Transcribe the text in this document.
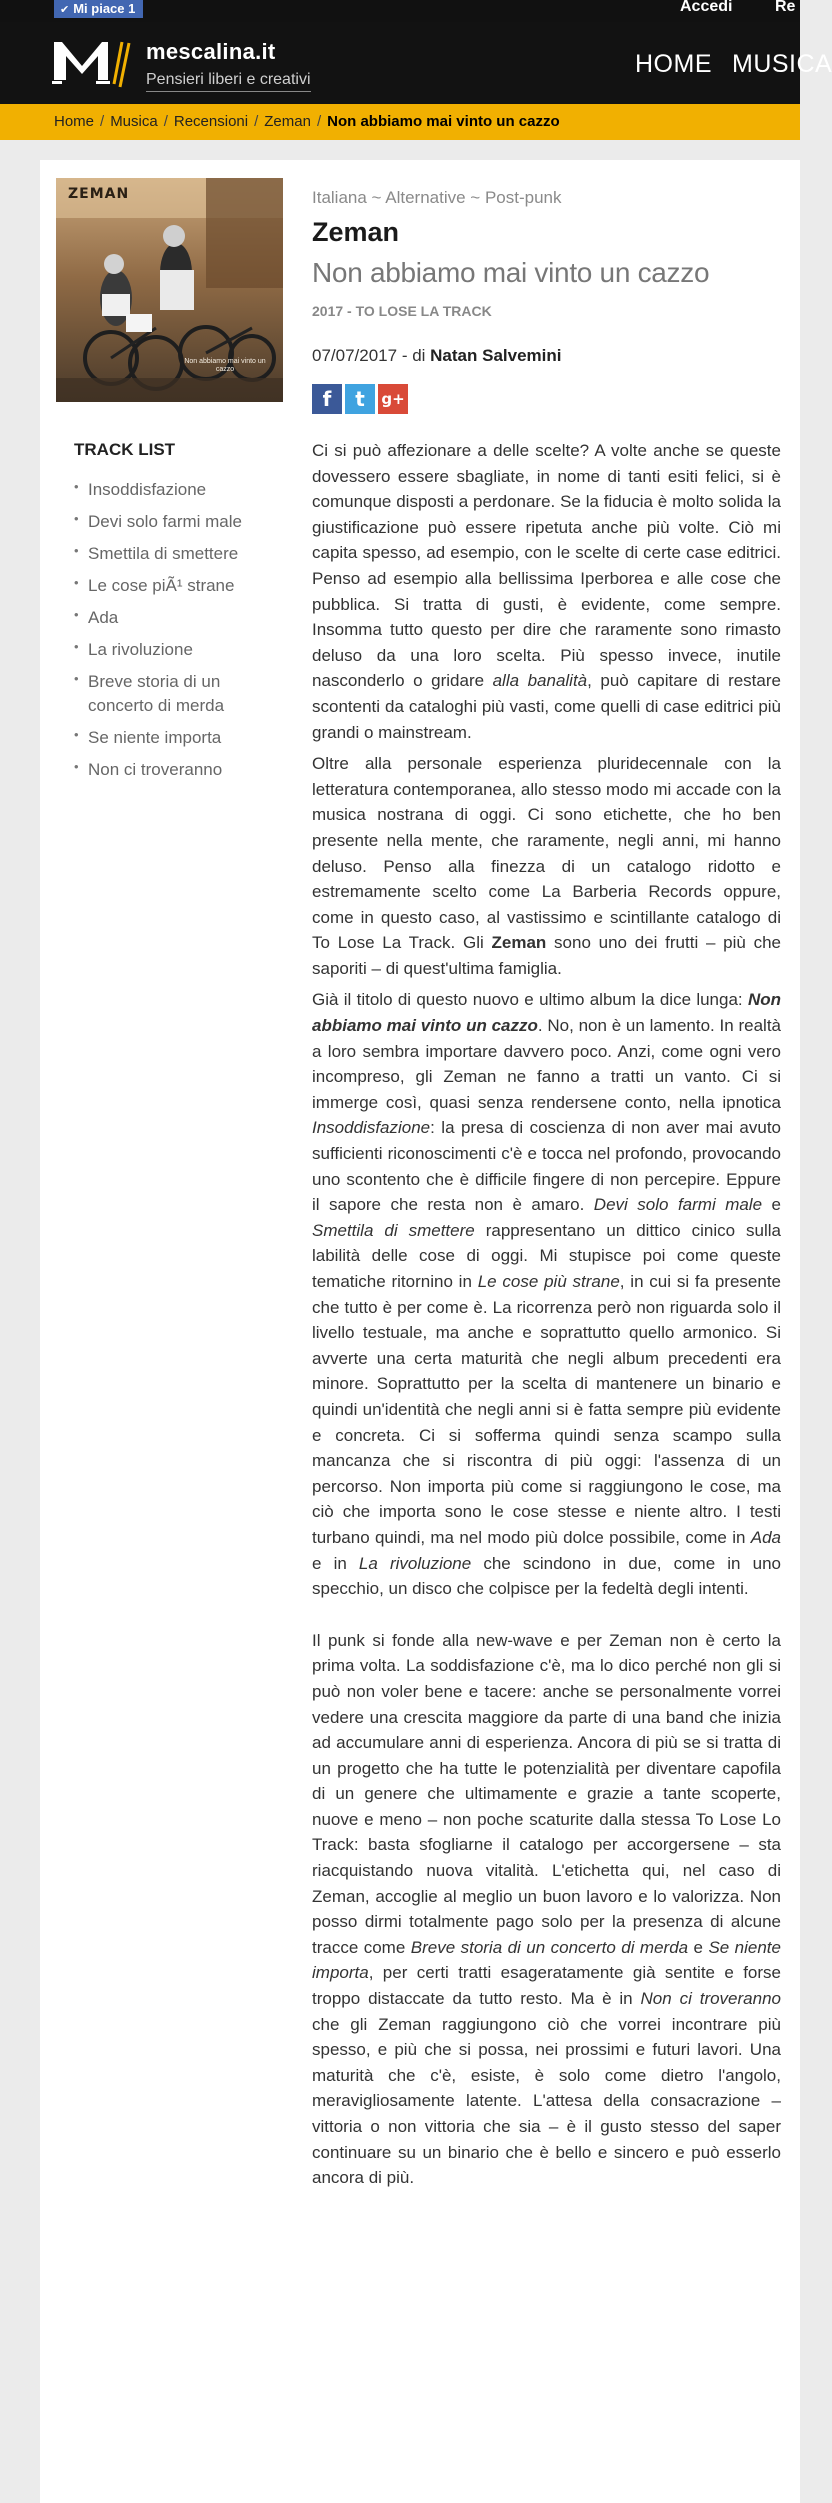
✔ Mi piace 1	Accedi	Re
mescalina.it
Pensieri liberi e creativi
HOME MUSICA
Home / Musica / Recensioni / Zeman / Non abbiamo mai vinto un cazzo
ZEMAN
Non abbiamo mai vinto un cazzo
Italiana ~ Alternative ~ Post-punk
Zeman
Non abbiamo mai vinto un cazzo
2017 - TO LOSE LA TRACK
07/07/2017 - di Natan Salvemini
f t g+
TRACK LIST
• Insoddisfazione
• Devi solo farmi male
• Smettila di smettere
• Le cose piÃ¹ strane
• Ada
• La rivoluzione
• Breve storia di un concerto di merda
• Se niente importa
• Non ci troveranno

Ci si può affezionare a delle scelte? A volte anche se queste dovessero essere sbagliate, in nome di tanti esiti felici, si è comunque disposti a perdonare. Se la fiducia è molto solida la giustificazione può essere ripetuta anche più volte. Ciò mi capita spesso, ad esempio, con le scelte di certe case editrici. Penso ad esempio alla bellissima Iperborea e alle cose che pubblica. Si tratta di gusti, è evidente, come sempre. Insomma tutto questo per dire che raramente sono rimasto deluso da una loro scelta. Più spesso invece, inutile nasconderlo o gridare alla banalità, può capitare di restare scontenti da cataloghi più vasti, come quelli di case editrici più grandi o mainstream.

Oltre alla personale esperienza pluridecennale con la letteratura contemporanea, allo stesso modo mi accade con la musica nostrana di oggi. Ci sono etichette, che ho ben presente nella mente, che raramente, negli anni, mi hanno deluso. Penso alla finezza di un catalogo ridotto e estremamente scelto come La Barberia Records oppure, come in questo caso, al vastissimo e scintillante catalogo di To Lose La Track. Gli Zeman sono uno dei frutti – più che saporiti – di quest'ultima famiglia.

Già il titolo di questo nuovo e ultimo album la dice lunga: Non abbiamo mai vinto un cazzo. No, non è un lamento. In realtà a loro sembra importare davvero poco. Anzi, come ogni vero incompreso, gli Zeman ne fanno a tratti un vanto. Ci si immerge così, quasi senza rendersene conto, nella ipnotica Insoddisfazione: la presa di coscienza di non aver mai avuto sufficienti riconoscimenti c'è e tocca nel profondo, provocando uno scontento che è difficile fingere di non percepire. Eppure il sapore che resta non è amaro. Devi solo farmi male e Smettila di smettere rappresentano un dittico cinico sulla labilità delle cose di oggi. Mi stupisce poi come queste tematiche ritornino in Le cose più strane, in cui si fa presente che tutto è per come è. La ricorrenza però non riguarda solo il livello testuale, ma anche e soprattutto quello armonico. Si avverte una certa maturità che negli album precedenti era minore. Soprattutto per la scelta di mantenere un binario e quindi un'identità che negli anni si è fatta sempre più evidente e concreta. Ci si sofferma quindi senza scampo sulla mancanza che si riscontra di più oggi: l'assenza di un percorso. Non importa più come si raggiungono le cose, ma ciò che importa sono le cose stesse e niente altro. I testi turbano quindi, ma nel modo più dolce possibile, come in Ada e in La rivoluzione che scindono in due, come in uno specchio, un disco che colpisce per la fedeltà degli intenti.

Il punk si fonde alla new-wave e per Zeman non è certo la prima volta. La soddisfazione c'è, ma lo dico perché non gli si può non voler bene e tacere: anche se personalmente vorrei vedere una crescita maggiore da parte di una band che inizia ad accumulare anni di esperienza. Ancora di più se si tratta di un progetto che ha tutte le potenzialità per diventare capofila di un genere che ultimamente e grazie a tante scoperte, nuove e meno – non poche scaturite dalla stessa To Lose Lo Track: basta sfogliarne il catalogo per accorgersene – sta riacquistando nuova vitalità. L'etichetta qui, nel caso di Zeman, accoglie al meglio un buon lavoro e lo valorizza. Non posso dirmi totalmente pago solo per la presenza di alcune tracce come Breve storia di un concerto di merda e Se niente importa, per certi tratti esageratamente già sentite e forse troppo distaccate da tutto resto. Ma è in Non ci troveranno che gli Zeman raggiungono ciò che vorrei incontrare più spesso, e più che si possa, nei prossimi e futuri lavori. Una maturità che c'è, esiste, è solo come dietro l'angolo, meravigliosamente latente. L'attesa della consacrazione – vittoria o non vittoria che sia – è il gusto stesso del saper continuare su un binario che è bello e sincero e può esserlo ancora di più.
